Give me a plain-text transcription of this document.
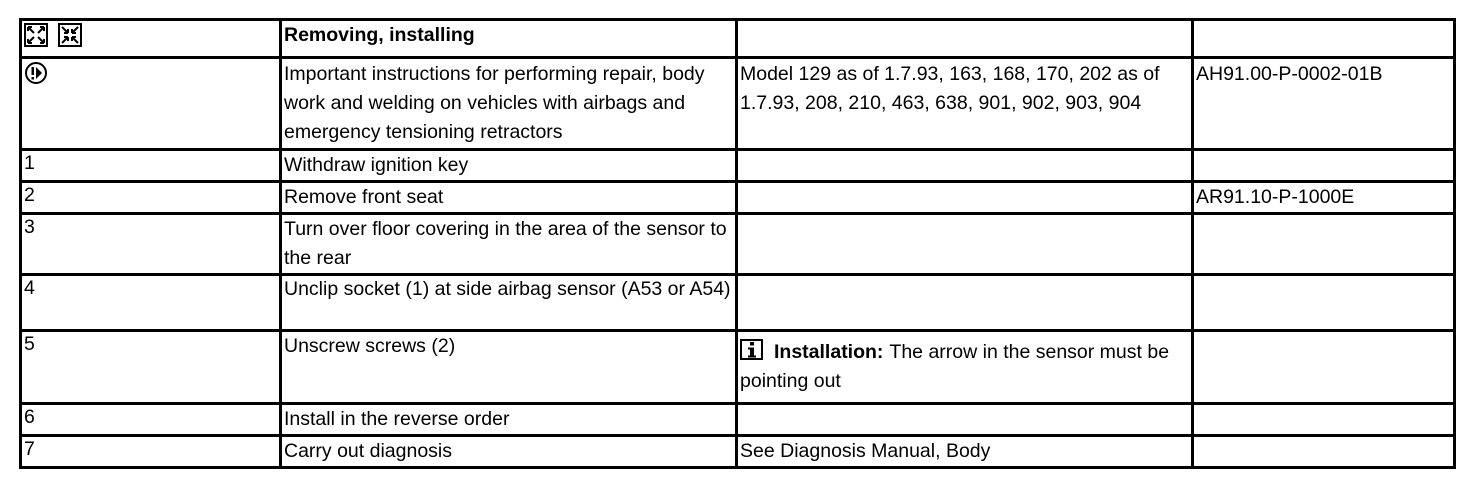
	Removing, installing		

	Important instructions for performing repair, body work and welding on vehicles with airbags and emergency tensioning retractors	Model 129 as of 1.7.93, 163, 168, 170, 202 as of 1.7.93, 208, 210, 463, 638, 901, 902, 903, 904	AH91.00-P-0002-01B
1	Withdraw ignition key		
2	Remove front seat		AR91.10-P-1000E
3	Turn over floor covering in the area of the sensor to the rear		
4	Unclip socket (1) at side airbag sensor (A53 or A54)		
5	Unscrew screws (2)	Installation: The arrow in the sensor must be pointing out	
6	Install in the reverse order		
7	Carry out diagnosis	See Diagnosis Manual, Body	
